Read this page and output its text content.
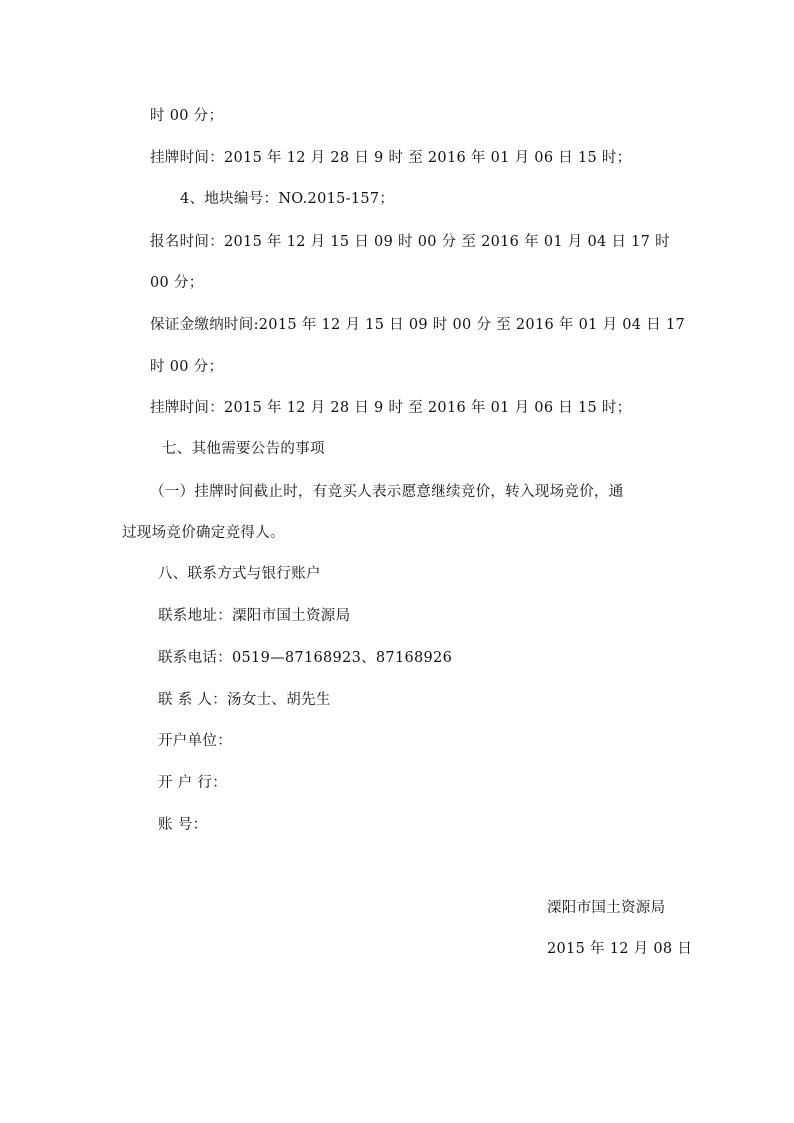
时 00 分；
挂牌时间：2015 年 12 月 28 日 9 时 至 2016 年 01 月 06 日 15 时；
4、地块编号：NO.2015-157；
报名时间：2015 年 12 月 15 日 09 时 00 分 至 2016 年 01 月 04 日 17 时
00 分；
保证金缴纳时间:2015 年 12 月 15 日 09 时 00 分 至 2016 年 01 月 04 日 17
时 00 分；
挂牌时间：2015 年 12 月 28 日 9 时 至 2016 年 01 月 06 日 15 时；
七、其他需要公告的事项
（一）挂牌时间截止时，有竞买人表示愿意继续竞价，转入现场竞价，通
过现场竞价确定竞得人。
八、联系方式与银行账户
联系地址：溧阳市国土资源局
联系电话：0519—87168923、87168926
联 系 人：汤女士、胡先生
开户单位：
开 户 行：
账 号：
溧阳市国土资源局
2015 年 12 月 08 日
